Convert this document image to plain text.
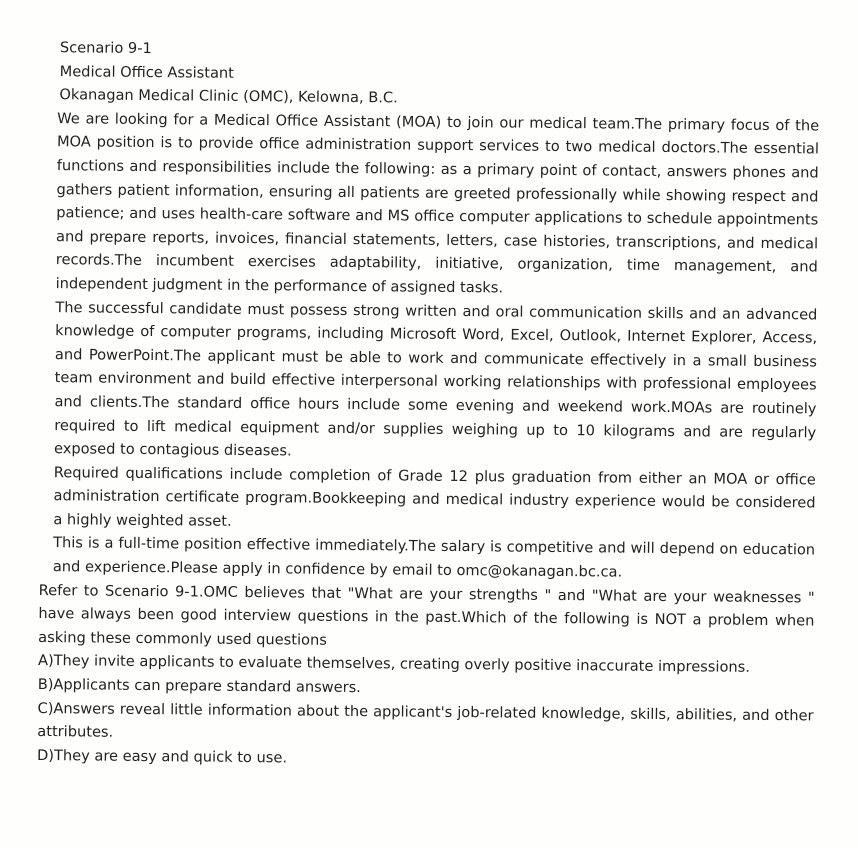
Scenario 9-1

Medical Office Assistant

Okanagan Medical Clinic (OMC), Kelowna, B.C.

We are looking for a Medical Office Assistant (MOA) to join our medical team.The primary focus of the MOA position is to provide office administration support services to two medical doctors.The essential functions and responsibilities include the following: as a primary point of contact, answers phones and gathers patient information, ensuring all patients are greeted professionally while showing respect and patience; and uses health-care software and MS office computer applications to schedule appointments and prepare reports, invoices, financial statements, letters, case histories, transcriptions, and medical records.The incumbent exercises adaptability, initiative, organization, time management, and independent judgment in the performance of assigned tasks.

The successful candidate must possess strong written and oral communication skills and an advanced knowledge of computer programs, including Microsoft Word, Excel, Outlook, Internet Explorer, Access, and PowerPoint.The applicant must be able to work and communicate effectively in a small business team environment and build effective interpersonal working relationships with professional employees and clients.The standard office hours include some evening and weekend work.MOAs are routinely required to lift medical equipment and/or supplies weighing up to 10 kilograms and are regularly exposed to contagious diseases.

Required qualifications include completion of Grade 12 plus graduation from either an MOA or office administration certificate program.Bookkeeping and medical industry experience would be considered a highly weighted asset.

This is a full-time position effective immediately.The salary is competitive and will depend on education and experience.Please apply in confidence by email to omc@okanagan.bc.ca.

Refer to Scenario 9-1.OMC believes that "What are your strengths " and "What are your weaknesses " have always been good interview questions in the past.Which of the following is NOT a problem when asking these commonly used questions

A)They invite applicants to evaluate themselves, creating overly positive inaccurate impressions.

B)Applicants can prepare standard answers.

C)Answers reveal little information about the applicant's job-related knowledge, skills, abilities, and other attributes.

D)They are easy and quick to use.
